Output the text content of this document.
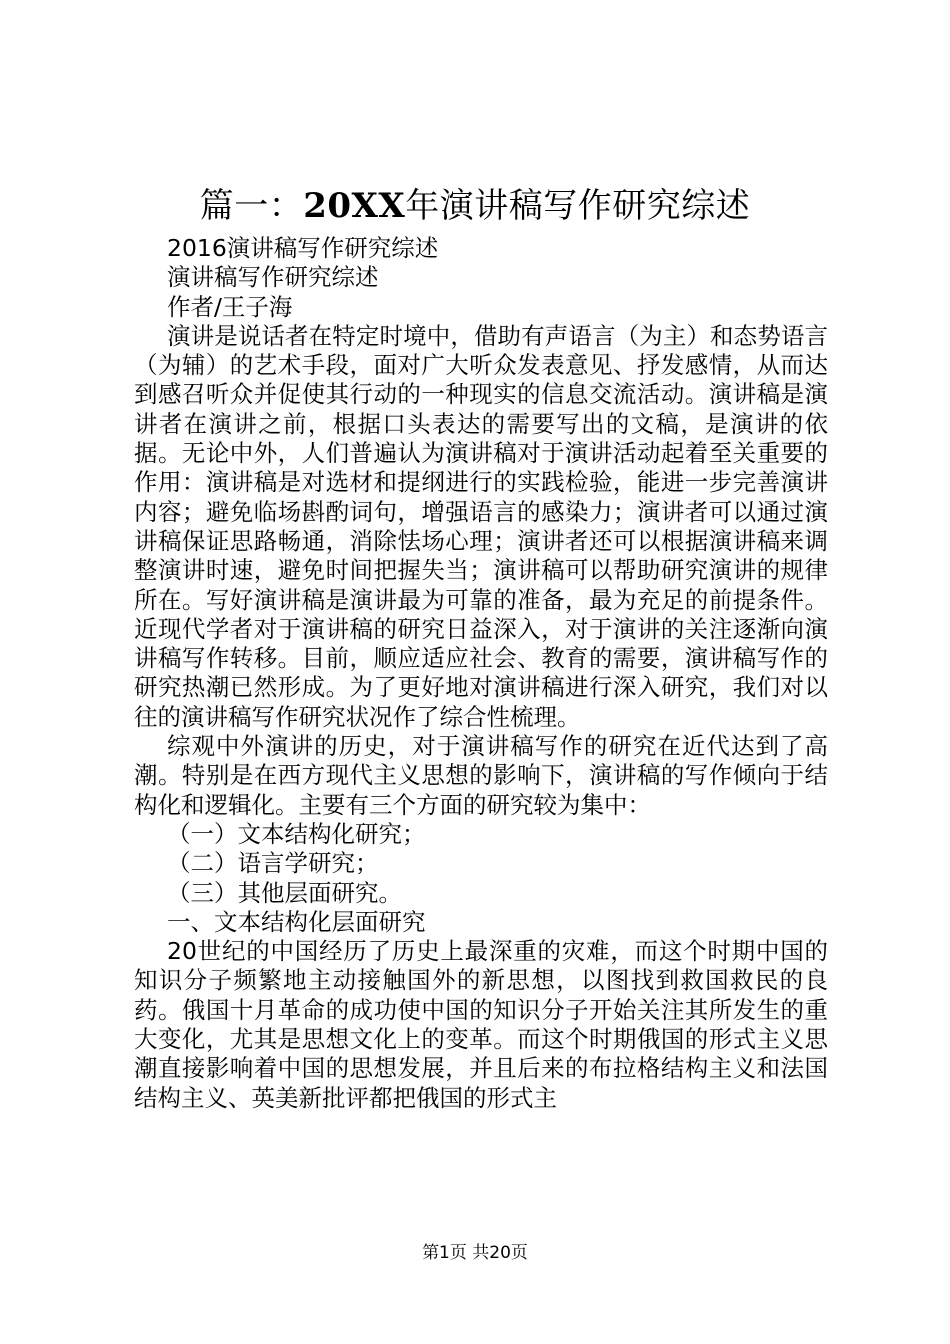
篇一：20XX年演讲稿写作研究综述

2016演讲稿写作研究综述

演讲稿写作研究综述

作者/王子海

演讲是说话者在特定时境中，借助有声语言（为主）和态势语言（为辅）的艺术手段，面对广大听众发表意见、抒发感情，从而达到感召听众并促使其行动的一种现实的信息交流活动。演讲稿是演讲者在演讲之前，根据口头表达的需要写出的文稿，是演讲的依据。无论中外，人们普遍认为演讲稿对于演讲活动起着至关重要的作用：演讲稿是对选材和提纲进行的实践检验，能进一步完善演讲内容；避免临场斟酌词句，增强语言的感染力；演讲者可以通过演讲稿保证思路畅通，消除怯场心理；演讲者还可以根据演讲稿来调整演讲时速，避免时间把握失当；演讲稿可以帮助研究演讲的规律所在。写好演讲稿是演讲最为可靠的准备，最为充足的前提条件。近现代学者对于演讲稿的研究日益深入，对于演讲的关注逐渐向演讲稿写作转移。目前，顺应适应社会、教育的需要，演讲稿写作的研究热潮已然形成。为了更好地对演讲稿进行深入研究，我们对以往的演讲稿写作研究状况作了综合性梳理。

综观中外演讲的历史，对于演讲稿写作的研究在近代达到了高潮。特别是在西方现代主义思想的影响下，演讲稿的写作倾向于结构化和逻辑化。主要有三个方面的研究较为集中：

（一）文本结构化研究；

（二）语言学研究；

（三）其他层面研究。

一、文本结构化层面研究

20世纪的中国经历了历史上最深重的灾难，而这个时期中国的知识分子频繁地主动接触国外的新思想，以图找到救国救民的良药。俄国十月革命的成功使中国的知识分子开始关注其所发生的重大变化，尤其是思想文化上的变革。而这个时期俄国的形式主义思潮直接影响着中国的思想发展，并且后来的布拉格结构主义和法国结构主义、英美新批评都把俄国的形式主

第1页 共20页
